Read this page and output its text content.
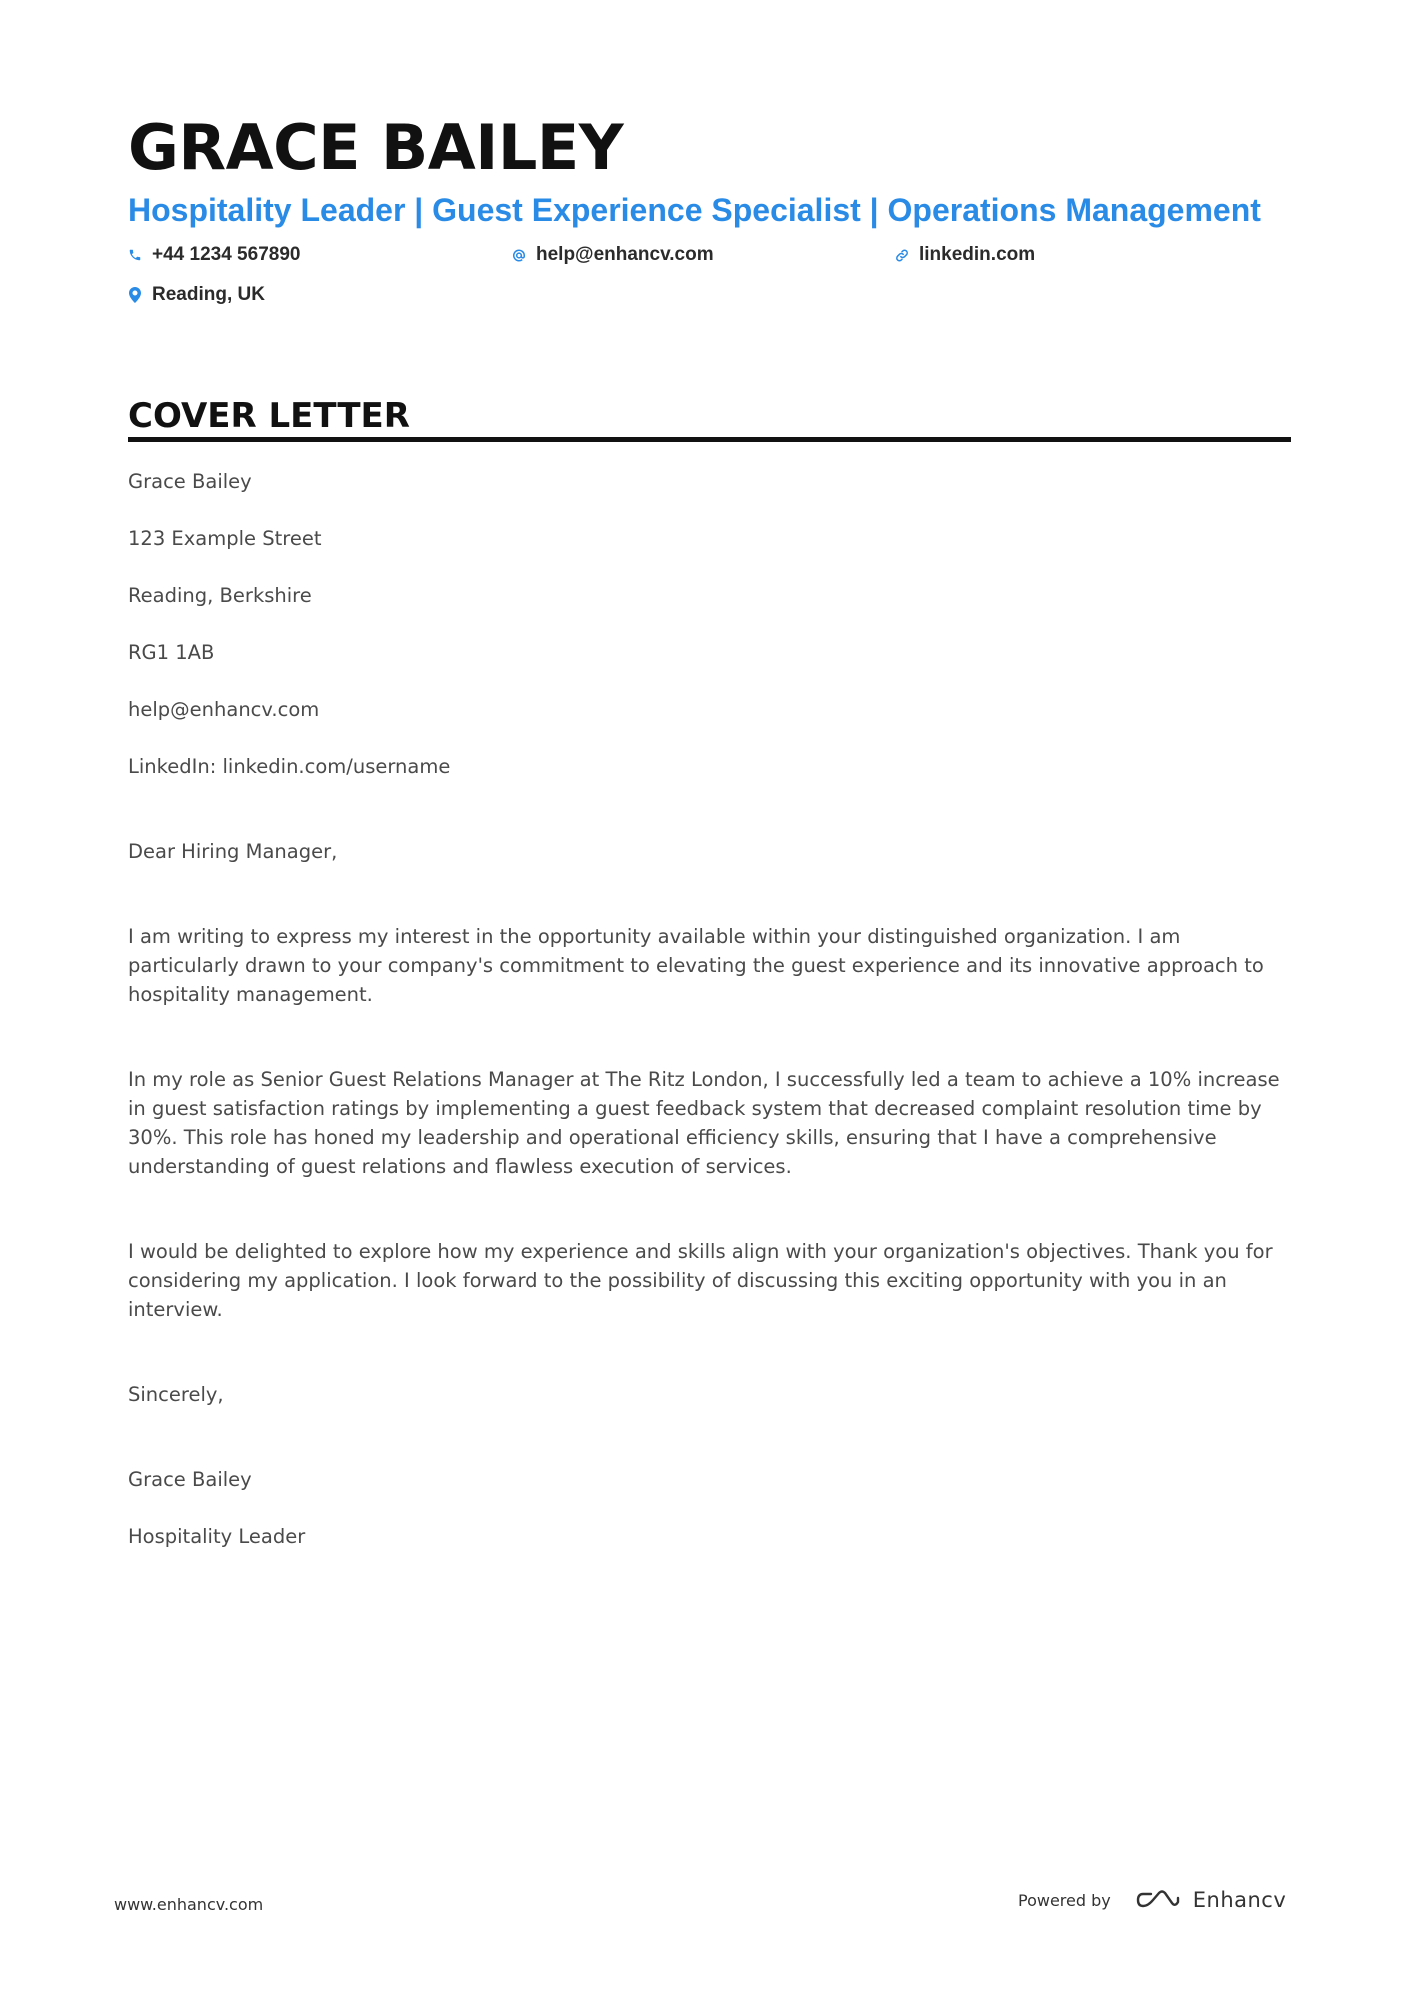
GRACE BAILEY
Hospitality Leader | Guest Experience Specialist | Operations Management
+44 1234 567890	help@enhancv.com	linkedin.com
Reading, UK
COVER LETTER

Grace Bailey

123 Example Street

Reading, Berkshire

RG1 1AB

help@enhancv.com

LinkedIn: linkedin.com/username

Dear Hiring Manager,

I am writing to express my interest in the opportunity available within your distinguished organization. I am particularly drawn to your company's commitment to elevating the guest experience and its innovative approach to hospitality management.

In my role as Senior Guest Relations Manager at The Ritz London, I successfully led a team to achieve a 10% increase in guest satisfaction ratings by implementing a guest feedback system that decreased complaint resolution time by 30%. This role has honed my leadership and operational efficiency skills, ensuring that I have a comprehensive understanding of guest relations and flawless execution of services.

I would be delighted to explore how my experience and skills align with your organization's objectives. Thank you for considering my application. I look forward to the possibility of discussing this exciting opportunity with you in an interview.

Sincerely,

Grace Bailey

Hospitality Leader

www.enhancv.com	Powered by	Enhancv
